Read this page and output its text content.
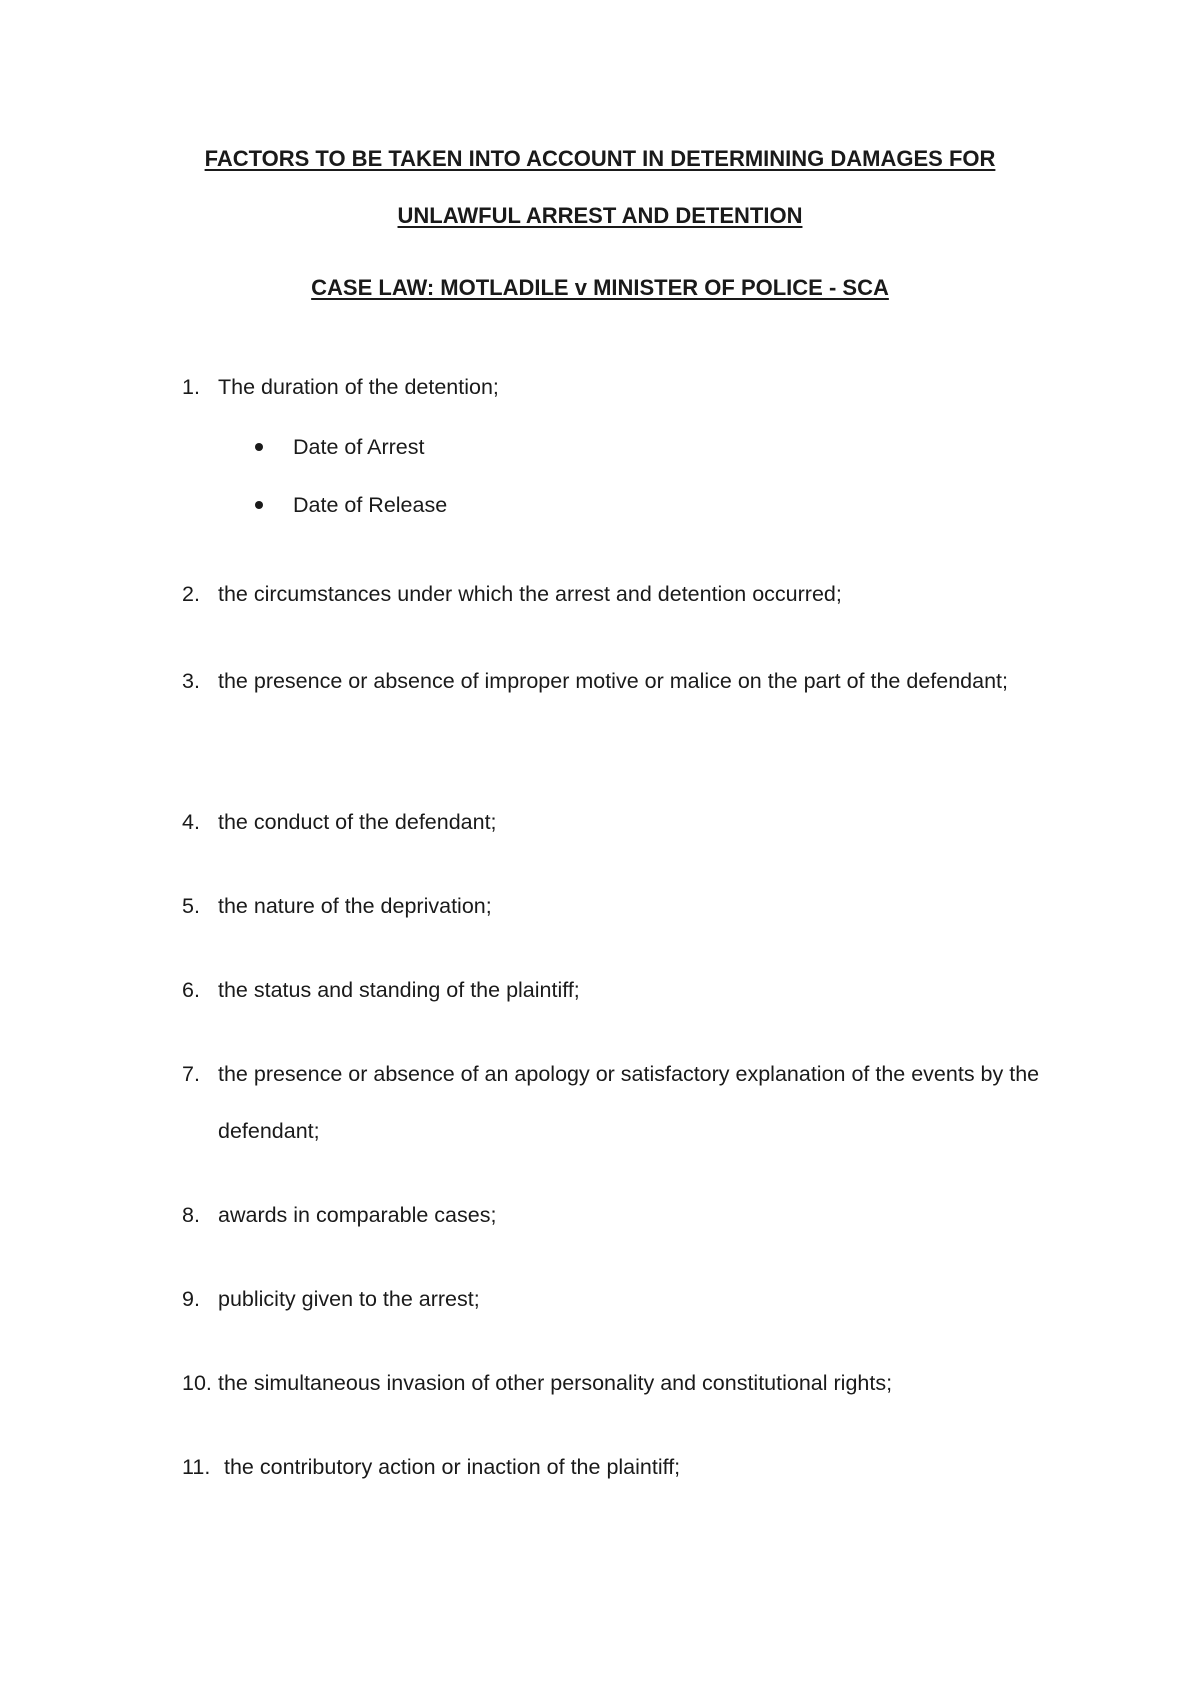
FACTORS TO BE TAKEN INTO ACCOUNT IN DETERMINING DAMAGES FOR
UNLAWFUL ARREST AND DETENTION
CASE LAW: MOTLADILE v MINISTER OF POLICE - SCA
1. The duration of the detention;
Date of Arrest
Date of Release
2. the circumstances under which the arrest and detention occurred;
3. the presence or absence of improper motive or malice on the part of the defendant;
4. the conduct of the defendant;
5. the nature of the deprivation;
6. the status and standing of the plaintiff;
7. the presence or absence of an apology or satisfactory explanation of the events by the defendant;
8. awards in comparable cases;
9. publicity given to the arrest;
10. the simultaneous invasion of other personality and constitutional rights;
11. the contributory action or inaction of the plaintiff;
